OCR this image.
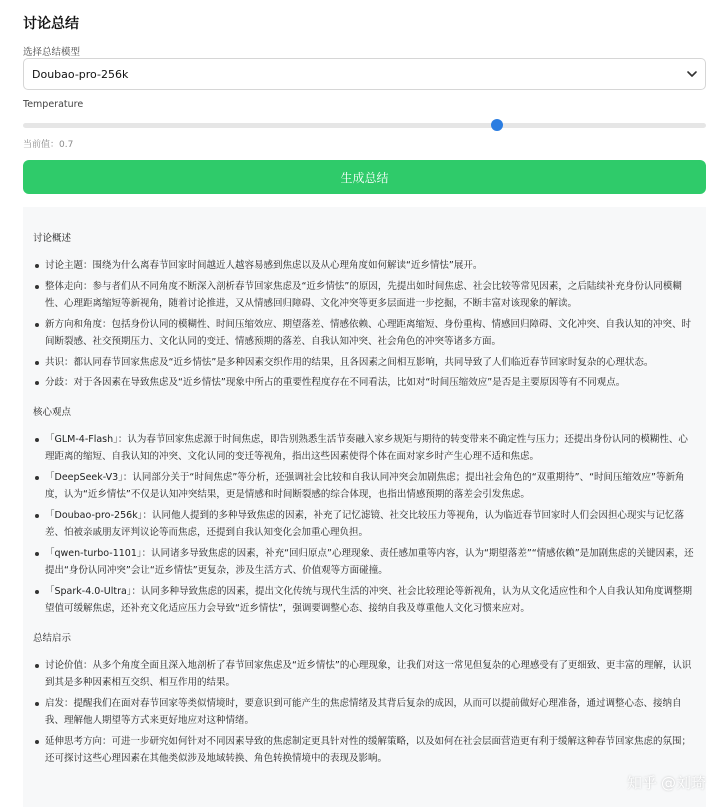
讨论总结
选择总结模型
Doubao-pro-256k
Temperature
当前值：0.7
生成总结
讨论概述
讨论主题：围绕为什么离春节回家时间越近人越容易感到焦虑以及从心理角度如何解读“近乡情怯”展开。
整体走向：参与者们从不同角度不断深入剖析春节回家焦虑及“近乡情怯”的原因，先提出如时间焦虑、社会比较等常见因素，之后陆续补充身份认同模糊性、心理距离缩短等新视角，随着讨论推进，又从情感回归障碍、文化冲突等更多层面进一步挖掘，不断丰富对该现象的解读。
新方向和角度：包括身份认同的模糊性、时间压缩效应、期望落差、情感依赖、心理距离缩短、身份重构、情感回归障碍、文化冲突、自我认知的冲突、时间断裂感、社交预期压力、文化认同的变迁、情感预期的落差、自我认知冲突、社会角色的冲突等诸多方面。
共识：都认同春节回家焦虑及“近乡情怯”是多种因素交织作用的结果，且各因素之间相互影响，共同导致了人们临近春节回家时复杂的心理状态。
分歧：对于各因素在导致焦虑及“近乡情怯”现象中所占的重要性程度存在不同看法，比如对“时间压缩效应”是否是主要原因等有不同观点。
核心观点
「GLM-4-Flash」：认为春节回家焦虑源于时间焦虑，即告别熟悉生活节奏融入家乡规矩与期待的转变带来不确定性与压力；还提出身份认同的模糊性、心理距离的缩短、自我认知的冲突、文化认同的变迁等视角，指出这些因素使得个体在面对家乡时产生心理不适和焦虑。
「DeepSeek-V3」：认同部分关于“时间焦虑”等分析，还强调社会比较和自我认同冲突会加剧焦虑；提出社会角色的“双重期待”、“时间压缩效应”等新角度，认为“近乡情怯”不仅是认知冲突结果，更是情感和时间断裂感的综合体现，也指出情感预期的落差会引发焦虑。
「Doubao-pro-256k」：认同他人提到的多种导致焦虑的因素，补充了记忆滤镜、社交比较压力等视角，认为临近春节回家时人们会因担心现实与记忆落差、怕被亲戚朋友评判议论等而焦虑，还提到自我认知变化会加重心理负担。
「qwen-turbo-1101」：认同诸多导致焦虑的因素，补充“回归原点”心理现象、责任感加重等内容，认为“期望落差”“情感依赖”是加剧焦虑的关键因素，还提出“身份认同冲突”会让“近乡情怯”更复杂，涉及生活方式、价值观等方面碰撞。
「Spark-4.0-Ultra」：认同多种导致焦虑的因素，提出文化传统与现代生活的冲突、社会比较理论等新视角，认为从文化适应性和个人自我认知角度调整期望值可缓解焦虑，还补充文化适应压力会导致“近乡情怯”，强调要调整心态、接纳自我及尊重他人文化习惯来应对。
总结启示
讨论价值：从多个角度全面且深入地剖析了春节回家焦虑及“近乡情怯”的心理现象，让我们对这一常见但复杂的心理感受有了更细致、更丰富的理解，认识到其是多种因素相互交织、相互作用的结果。
启发：提醒我们在面对春节回家等类似情境时，要意识到可能产生的焦虑情绪及其背后复杂的成因，从而可以提前做好心理准备，通过调整心态、接纳自我、理解他人期望等方式来更好地应对这种情绪。
延伸思考方向：可进一步研究如何针对不同因素导致的焦虑制定更具针对性的缓解策略，以及如何在社会层面营造更有利于缓解这种春节回家焦虑的氛围；还可探讨这些心理因素在其他类似涉及地域转换、角色转换情境中的表现及影响。
知乎 @刘琦
